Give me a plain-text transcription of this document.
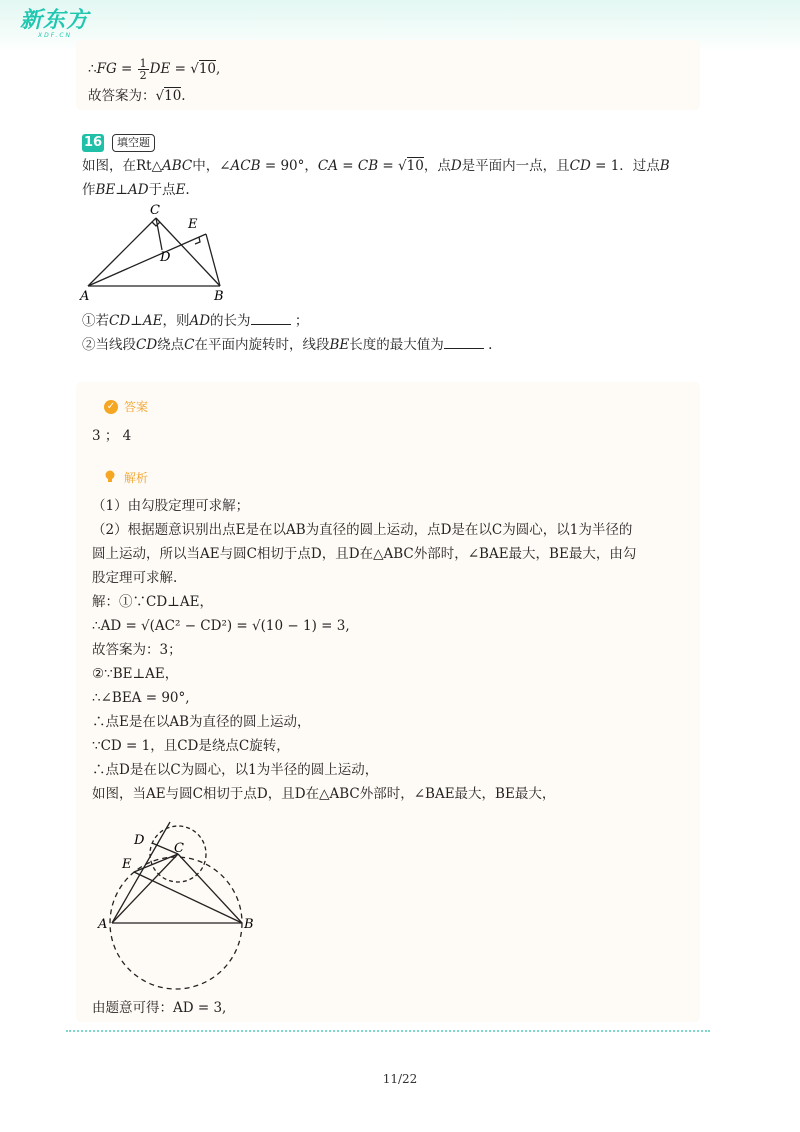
新东方
XDF.CN
∴FG = $\frac{1}{2}$ DE = √10,
故答案为：√10.
16	填空题
如图，在Rt△ABC中，∠ACB = 90°，CA = CB = √10，点D是平面内一点，且CD = 1．过点B
作BE⊥AD于点E.
C
E
D
A	B
①若CD⊥AE，则AD的长为	；
②当线段CD绕点C在平面内旋转时，线段BE长度的最大值为	.
✓ 答案
3 ； 4
解析
（1）由勾股定理可求解；
（2）根据题意识别出点E是在以AB为直径的圆上运动，点D是在以C为圆心，以1为半径的
圆上运动，所以当AE与圆C相切于点D，且D在△ABC外部时，∠BAE最大，BE最大，由勾
股定理可求解.
解：①∵CD⊥AE，
∴AD = √(AC² − CD²) = √(10 − 1) = 3,
故答案为：3；
②∵BE⊥AE，
∴∠BEA = 90°,
∴点E是在以AB为直径的圆上运动，
∵CD = 1，且CD是绕点C旋转，
∴点D是在以C为圆心，以1为半径的圆上运动，
如图，当AE与圆C相切于点D，且D在△ABC外部时，∠BAE最大，BE最大，
D
C
E
A	B
由题意可得：AD = 3,
11/22
